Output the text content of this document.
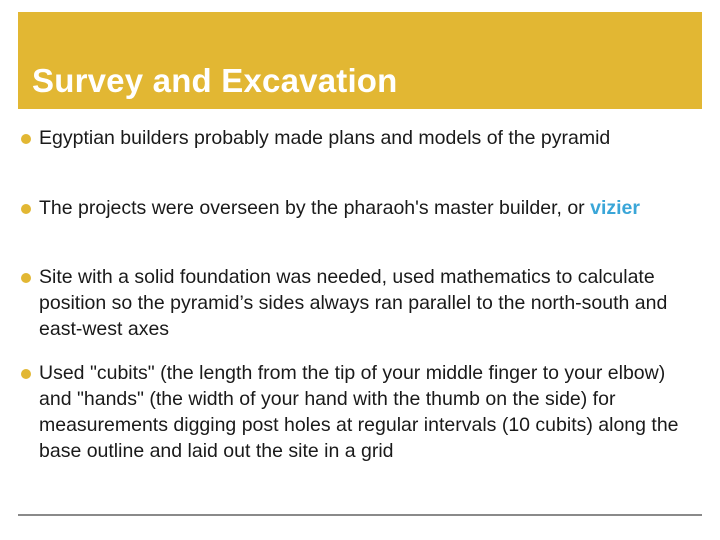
Survey and Excavation
Egyptian builders probably made plans and models of the pyramid
The projects were overseen by the pharaoh's master builder, or vizier
Site with a solid foundation was needed, used mathematics to calculate position so the pyramid’s sides always ran parallel to the north-south and east-west axes
Used "cubits" (the length from the tip of your middle finger to your elbow) and "hands" (the width of your hand with the thumb on the side) for measurements digging post holes at regular intervals (10 cubits) along the base outline and laid out the site in a grid
